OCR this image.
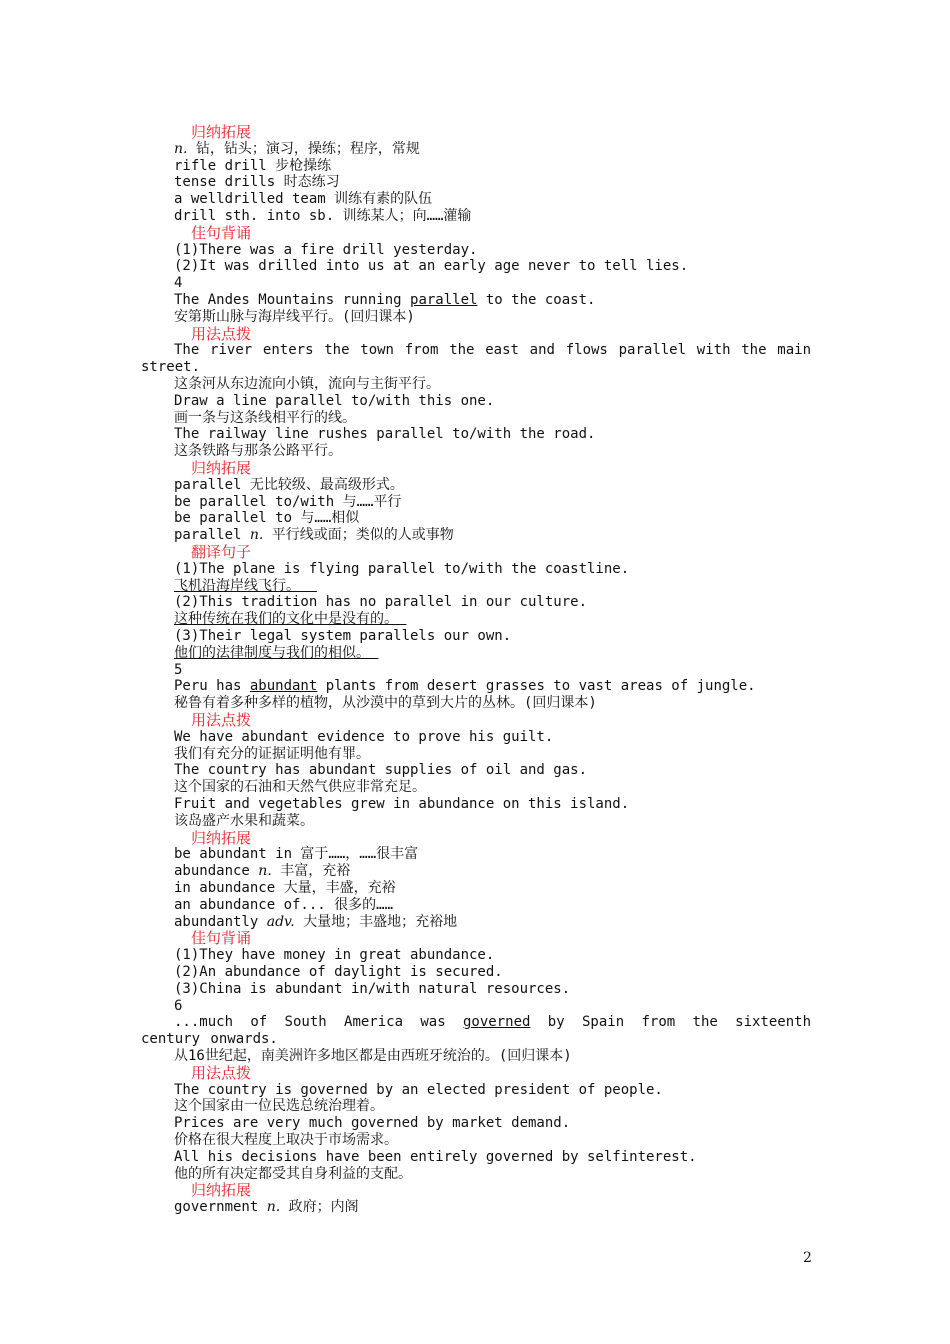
归纳拓展
n. 钻，钻头；演习，操练；程序，常规
rifle drill 步枪操练
tense drills 时态练习
a welldrilled team 训练有素的队伍
drill sth. into sb. 训练某人；向……灌输
佳句背诵
(1)There was a fire drill yesterday.
(2)It was drilled into us at an early age never to tell lies.
4
The Andes Mountains running parallel to the coast.
安第斯山脉与海岸线平行。(回归课本)
用法点拨
The river enters the town from the east and flows parallel with the main street.
这条河从东边流向小镇，流向与主街平行。
Draw a line parallel to/with this one.
画一条与这条线相平行的线。
The railway line rushes parallel to/with the road.
这条铁路与那条公路平行。
归纳拓展
parallel 无比较级、最高级形式。
be parallel to/with 与……平行
be parallel to 与……相似
parallel n. 平行线或面；类似的人或事物
翻译句子
(1)The plane is flying parallel to/with the coastline.
飞机沿海岸线飞行。
(2)This tradition has no parallel in our culture.
这种传统在我们的文化中是没有的。
(3)Their legal system parallels our own.
他们的法律制度与我们的相似。
5
Peru has abundant plants from desert grasses to vast areas of jungle.
秘鲁有着多种多样的植物，从沙漠中的草到大片的丛林。(回归课本)
用法点拨
We have abundant evidence to prove his guilt.
我们有充分的证据证明他有罪。
The country has abundant supplies of oil and gas.
这个国家的石油和天然气供应非常充足。
Fruit and vegetables grew in abundance on this island.
该岛盛产水果和蔬菜。
归纳拓展
be abundant in 富于……，……很丰富
abundance n. 丰富，充裕
in abundance 大量，丰盛，充裕
an abundance of... 很多的……
abundantly adv. 大量地；丰盛地；充裕地
佳句背诵
(1)They have money in great abundance.
(2)An abundance of daylight is secured.
(3)China is abundant in/with natural resources.
6
...much of South America was governed by Spain from the sixteenth century onwards.
从16世纪起，南美洲许多地区都是由西班牙统治的。(回归课本)
用法点拨
The country is governed by an elected president of people.
这个国家由一位民选总统治理着。
Prices are very much governed by market demand.
价格在很大程度上取决于市场需求。
All his decisions have been entirely governed by selfinterest.
他的所有决定都受其自身利益的支配。
归纳拓展
government n. 政府；内阁
2
